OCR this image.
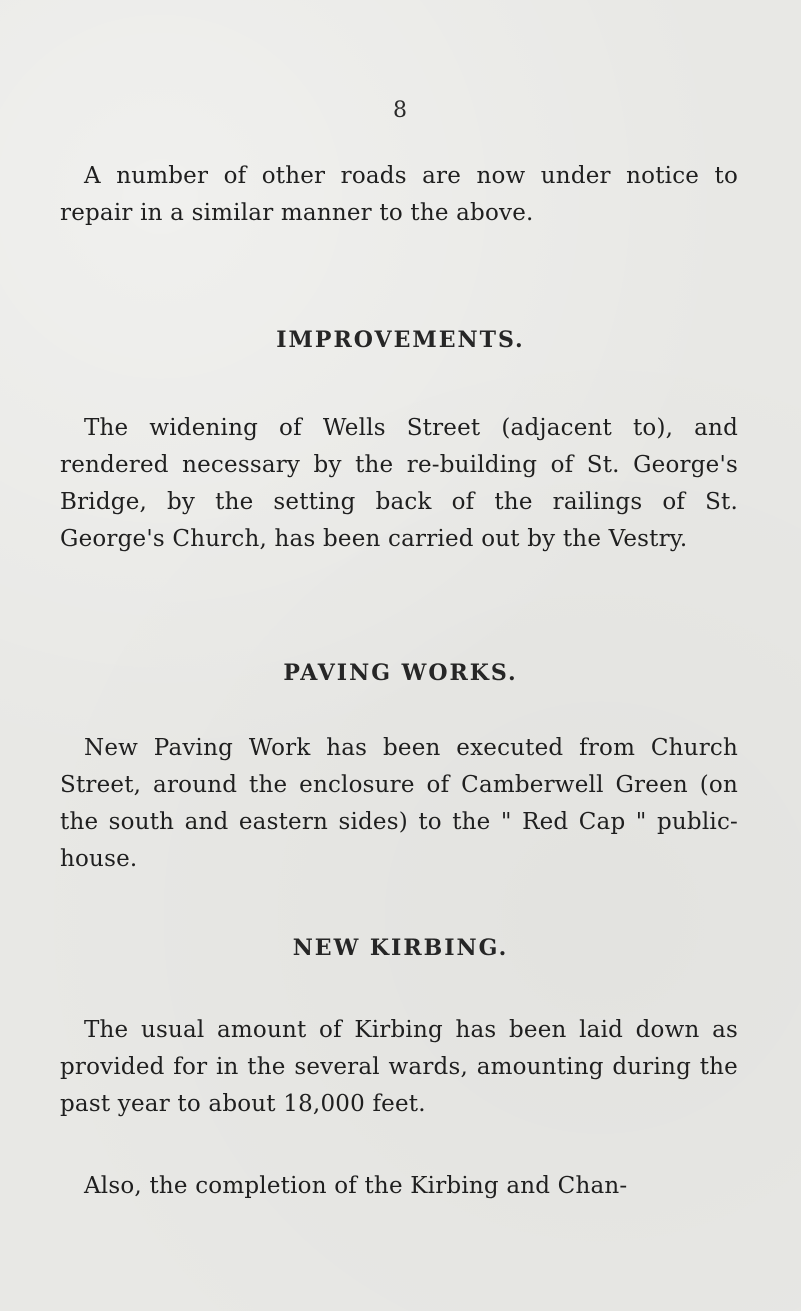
8

A number of other roads are now under notice to repair in a similar manner to the above.

IMPROVEMENTS.

The widening of Wells Street (adjacent to), and rendered necessary by the re-building of St. George's Bridge, by the setting back of the railings of St. George's Church, has been carried out by the Vestry.

PAVING WORKS.

New Paving Work has been executed from Church Street, around the enclosure of Camberwell Green (on the south and eastern sides) to the " Red Cap " public-house.

NEW KIRBING.

The usual amount of Kirbing has been laid down as provided for in the several wards, amounting during the past year to about 18,000 feet.

Also, the completion of the Kirbing and Chan-
